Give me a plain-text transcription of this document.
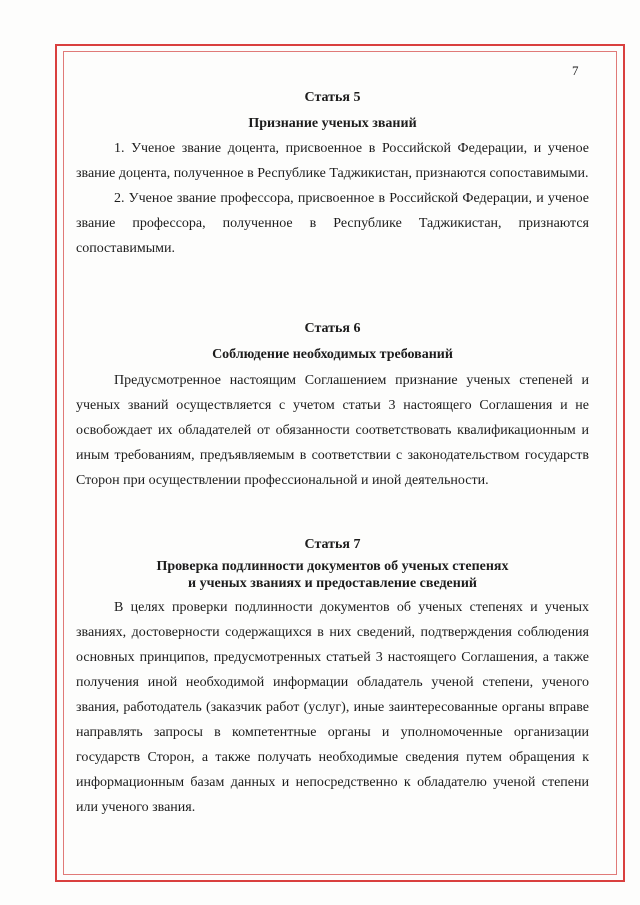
7

Статья 5

Признание ученых званий

1. Ученое звание доцента, присвоенное в Российской Федерации, и ученое звание доцента, полученное в Республике Таджикистан, признаются сопоставимыми.

2. Ученое звание профессора, присвоенное в Российской Федерации, и ученое звание профессора, полученное в Республике Таджикистан, признаются сопоставимыми.

Статья 6

Соблюдение необходимых требований

Предусмотренное настоящим Соглашением признание ученых степеней и ученых званий осуществляется с учетом статьи 3 настоящего Соглашения и не освобождает их обладателей от обязанности соответствовать квалификационным и иным требованиям, предъявляемым в соответствии с законодательством государств Сторон при осуществлении профессиональной и иной деятельности.

Статья 7

Проверка подлинности документов об ученых степенях

и ученых званиях и предоставление сведений

В целях проверки подлинности документов об ученых степенях и ученых званиях, достоверности содержащихся в них сведений, подтверждения соблюдения основных принципов, предусмотренных статьей 3 настоящего Соглашения, а также получения иной необходимой информации обладатель ученой степени, ученого звания, работодатель (заказчик работ (услуг), иные заинтересованные органы вправе направлять запросы в компетентные органы и уполномоченные организации государств Сторон, а также получать необходимые сведения путем обращения к информационным базам данных и непосредственно к обладателю ученой степени или ученого звания.
